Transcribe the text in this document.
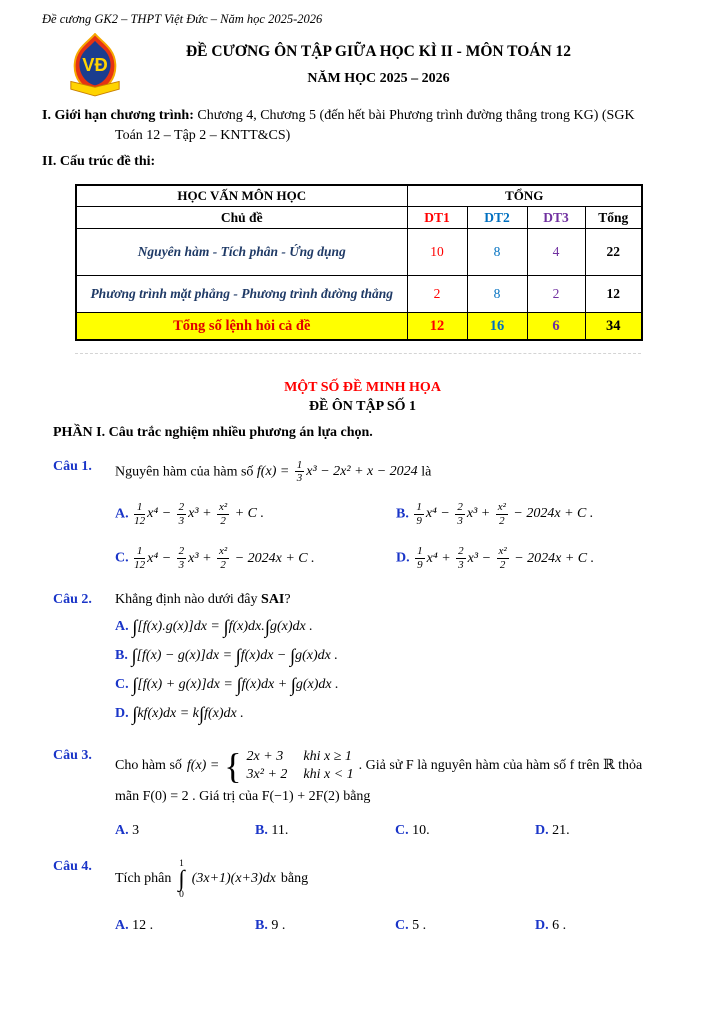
Đề cương GK2 – THPT Việt Đức – Năm học 2025-2026
VĐ
ĐỀ CƯƠNG ÔN TẬP GIỮA HỌC KÌ II - MÔN TOÁN 12
NĂM HỌC 2025 – 2026
I. Giới hạn chương trình: Chương 4, Chương 5 (đến hết bài Phương trình đường thẳng trong KG) (SGK
Toán 12 – Tập 2 – KNTT&CS)
II. Cấu trúc đề thi:
HỌC VẤN MÔN HỌC	TỔNG			
Chủ đề	DT1	DT2	DT3	Tổng
Nguyên hàm - Tích phân - Ứng dụng	10	8	4	22
Phương trình mặt phẳng - Phương trình đường thẳng	2	8	2	12
Tổng số lệnh hỏi cả đề	12	16	6	34
MỘT SỐ ĐỀ MINH HỌA
ĐỀ ÔN TẬP SỐ 1
PHẦN I. Câu trắc nghiệm nhiều phương án lựa chọn.
Câu 1.	Nguyên hàm của hàm số $f(x) = \frac{1}{3} x^3 - 2x^2 + x - 2024$ là
A. $\frac{1}{12} x^4 - \frac{2}{3} x^3 + \frac{\text{x²}}{2} + C$ .	B. $\frac{1}{9} x^4 - \frac{2}{3} x^3 + \frac{\text{x²}}{2} - 2024x + C$ .
C. $\frac{1}{12} x^4 - \frac{2}{3} x^3 + \frac{\text{x²}}{2} - 2024x + C$ .	D. $\frac{1}{9} x^4 + \frac{2}{3} x^3 - \frac{\text{x²}}{2} - 2024x + C$ .
Câu 2.	Khẳng định nào dưới đây SAI?
A. ∫[f(x).g(x)]dx = ∫f(x)dx.∫g(x)dx .
B. ∫[f(x) − g(x)]dx = ∫f(x)dx − ∫g(x)dx .
C. ∫[f(x) + g(x)]dx = ∫f(x)dx + ∫g(x)dx .
D. ∫kf(x)dx = k∫f(x)dx .
Câu 3.
Cho hàm số f(x) = { 2x + 3 khi x ≥ 1
3x² + 2 khi x < 1
. Giả sử F là nguyên hàm của hàm số f trên ℝ thỏa
mãn F(0) = 2 . Giá trị của F(−1) + 2F(2) bằng
A. 3	B. 11.	C. 10.	D. 21.
Câu 4.
Tích phân
1
∫
0
(3x+1)(x+3)dx bằng
A. 12 .	B. 9 .	C. 5 .	D. 6 .
